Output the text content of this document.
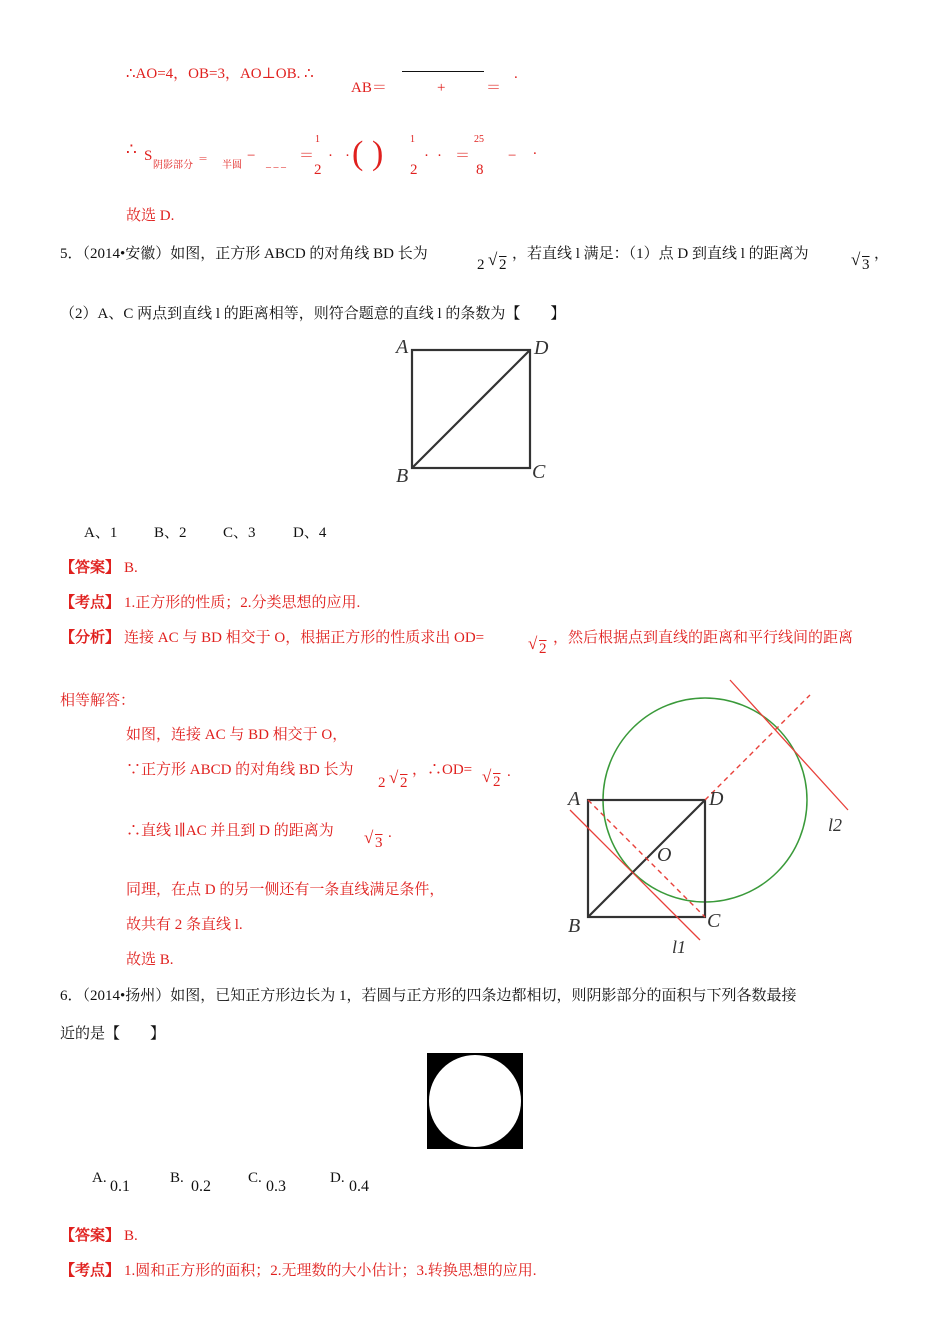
∴AO=4，OB=3，AO⊥OB. ∴
AB＝	+	＝
.
∴ S
阴影部分
＝
半圆
− _ _ _ ＝
1
2
· · ( )	1
2
· · ＝
25
8
− .
故选 D.
5．（2014•安徽）如图，正方形 ABCD 的对角线 BD 长为
2 √ 2
，若直线 l 满足：（1）点 D 到直线 l 的距离为 √ 3
，
（2）A、C 两点到直线 l 的距离相等，则符合题意的直线 l 的条数为【　　】
A	D
B	C
A、1 B、2 C、3 D、4
【答案】 B.
【考点】 1.正方形的性质；2.分类思想的应用.
【分析】 连接 AC 与 BD 相交于 O，根据正方形的性质求出 OD=	√ 2
，然后根据点到直线的距离和平行线间的距离
相等解答：
如图，连接 AC 与 BD 相交于 O，
∵正方形 ABCD 的对角线 BD 长为
2 √ 2
，∴OD= √ 2
.
∴直线 l∥AC 并且到 D 的距离为 √ 3
.
同理，在点 D 的另一侧还有一条直线满足条件，
故共有 2 条直线 l.
故选 B.
A	D
B	C
O
l1
l2
6．（2014•扬州）如图，已知正方形边长为 1，若圆与正方形的四条边都相切，则阴影部分的面积与下列各数最接
近的是【　　】
A. 0.1	B. 0.2 C. 0.3	D. 0.4
【答案】 B.
【考点】 1.圆和正方形的面积；2.无理数的大小估计；3.转换思想的应用.
